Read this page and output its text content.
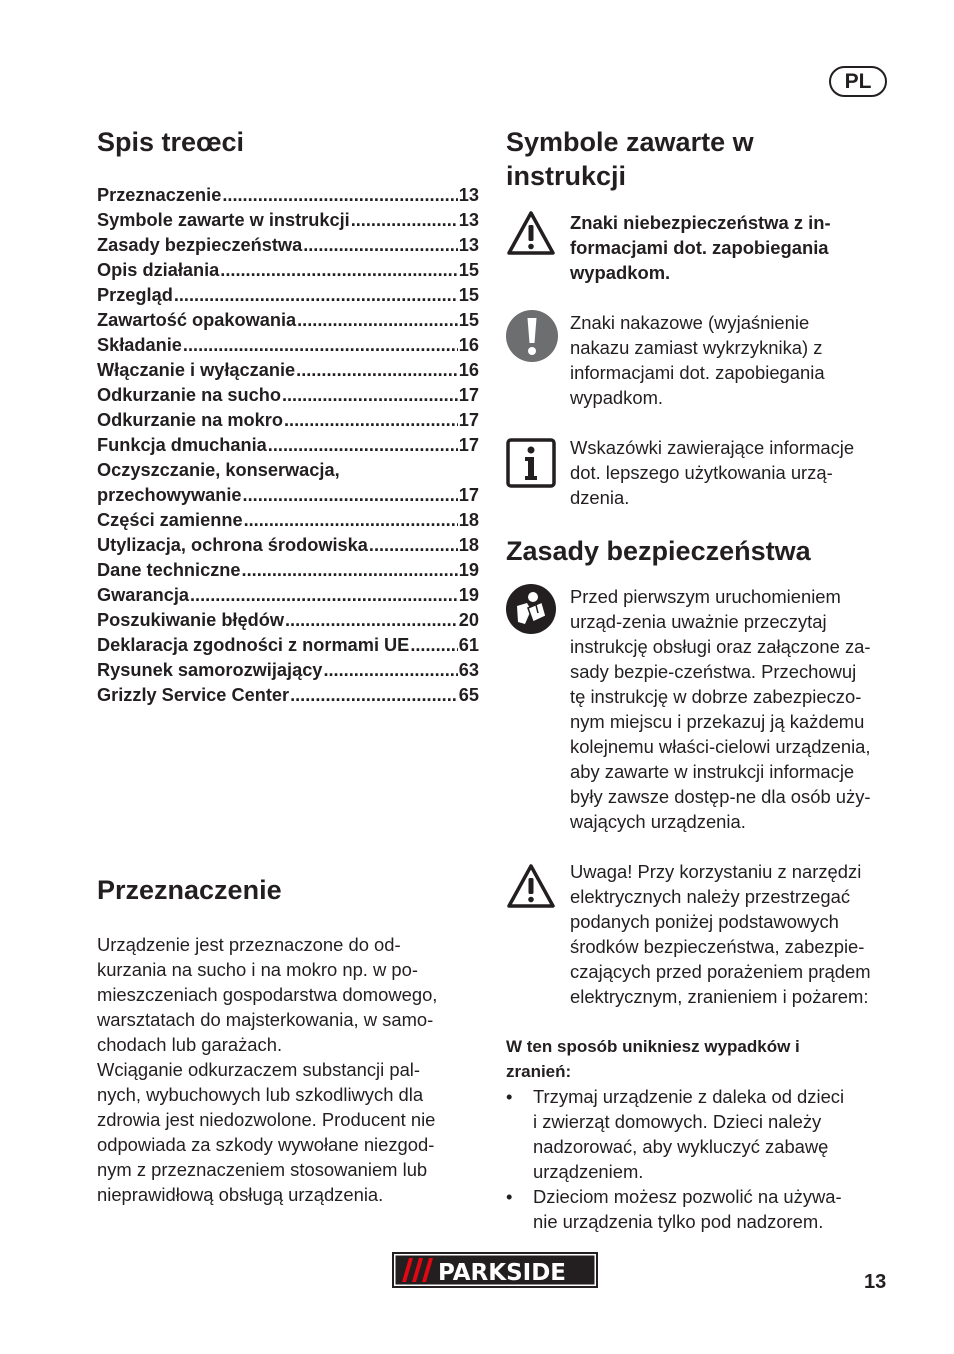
PL
Spis treœci
Przeznaczenie .....	13
Symbole zawarte w instrukcji .....	13
Zasady bezpieczeństwa .....	13
Opis działania .....	15
Przegląd .....	15
Zawartość opakowania .....	15
Składanie .....	16
Włączanie i wyłączanie .....	16
Odkurzanie na sucho .....	17
Odkurzanie na mokro .....	17
Funkcja dmuchania .....	17
Oczyszczanie, konserwacja,
przechowywanie .....	17
Części zamienne .....	18
Utylizacja, ochrona środowiska .....	18
Dane techniczne .....	19
Gwarancja .....	19
Poszukiwanie błędów .....	20
Deklaracja zgodności z normami UE .....	61
Rysunek samorozwijający .....	63
Grizzly Service Center .....	65
Przeznaczenie
Urządzenie jest przeznaczone do od-
kurzania na sucho i na mokro np. w po-
mieszczeniach gospodarstwa domowego,
warsztatach do majsterkowania, w samo-
chodach lub garażach.
Wciąganie odkurzaczem substancji pal-
nych, wybuchowych lub szkodliwych dla
zdrowia jest niedozwolone. Producent nie
odpowiada za szkody wywołane niezgod-
nym z przeznaczeniem stosowaniem lub
nieprawidłową obsługą urządzenia.
Symbole zawarte w
instrukcji
Znaki niebezpieczeństwa z in-
formacjami dot. zapobiegania
wypadkom.
Znaki nakazowe (wyjaśnienie
nakazu zamiast wykrzyknika) z
informacjami dot. zapobiegania
wypadkom.
Wskazówki zawierające informacje
dot. lepszego użytkowania urzą-
dzenia.
Zasady bezpieczeństwa
Przed pierwszym uruchomieniem
urząd-zenia uważnie przeczytaj
instrukcję obsługi oraz załączone za-
sady bezpie-czeństwa. Przechowuj
tę instrukcję w dobrze zabezpieczo-
nym miejscu i przekazuj ją każdemu
kolejnemu właści-cielowi urządzenia,
aby zawarte w instrukcji informacje
były zawsze dostęp-ne dla osób uży-
wających urządzenia.
Uwaga! Przy korzystaniu z narzędzi
elektrycznych należy przestrzegać
podanych poniżej podstawowych
środków bezpieczeństwa, zabezpie-
czających przed porażeniem prądem
elektrycznym, zranieniem i pożarem:
W ten sposób unikniesz wypadków i
zranień:
• Trzymaj urządzenie z daleka od dzieci
i zwierząt domowych. Dzieci należy
nadzorować, aby wykluczyć zabawę
urządzeniem.
• Dzieciom możesz pozwolić na używa-
nie urządzenia tylko pod nadzorem.
PARKSIDE	13
